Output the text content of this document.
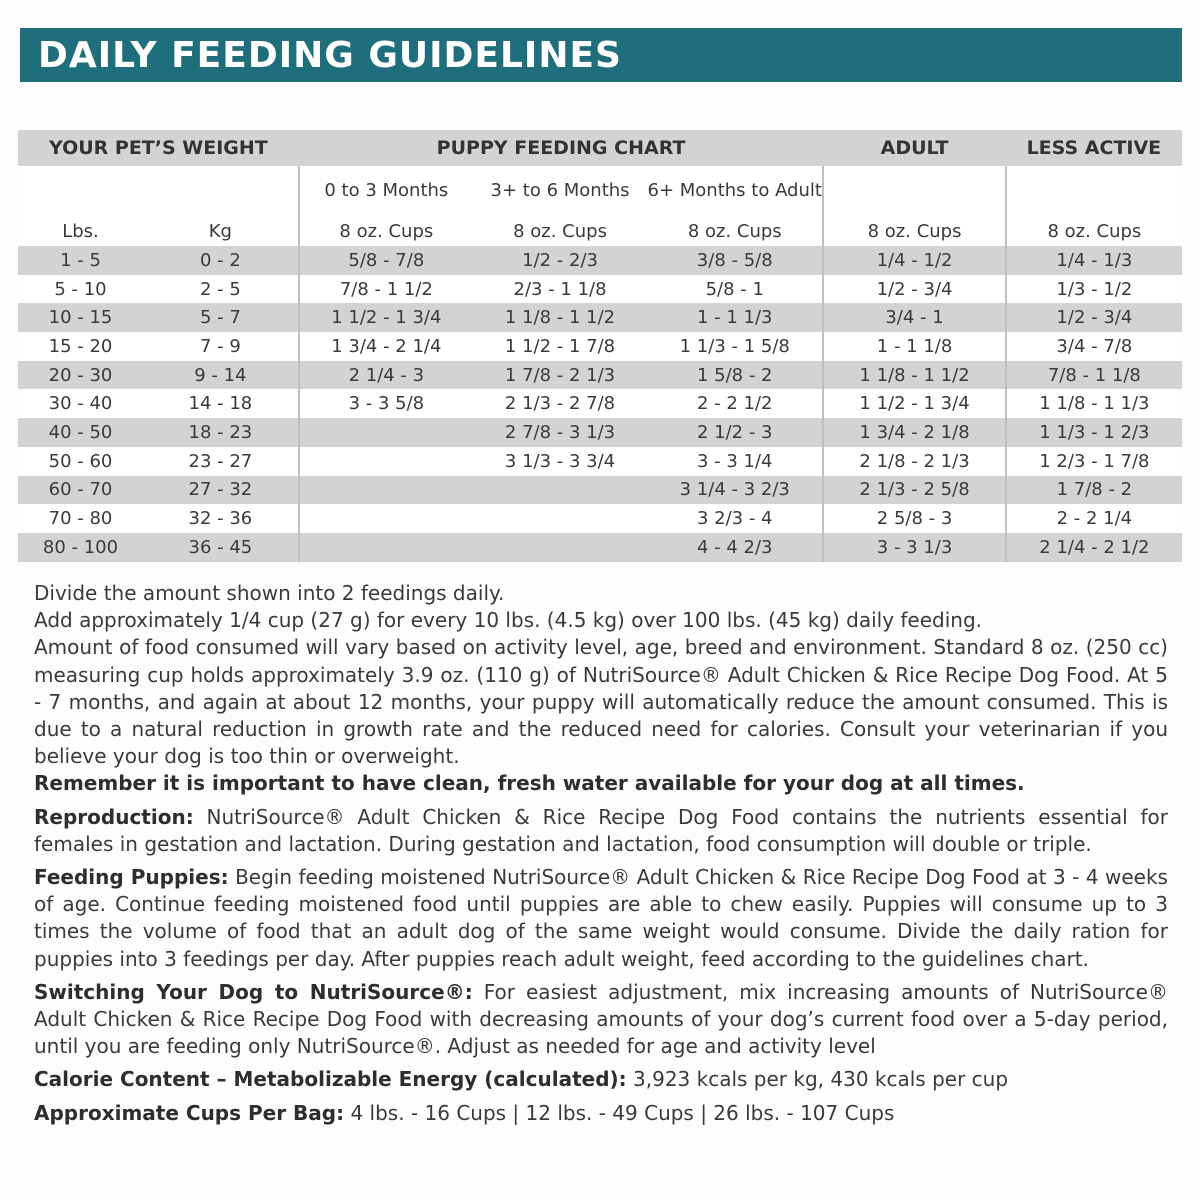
DAILY FEEDING GUIDELINES
YOUR PET’S WEIGHT		PUPPY FEEDING CHART			ADULT	LESS ACTIVE
		0 to 3 Months	3+ to 6 Months	6+ Months to Adult		
Lbs.	Kg	8 oz. Cups	8 oz. Cups	8 oz. Cups	8 oz. Cups	8 oz. Cups
1 - 5	0 - 2	5/8 - 7/8	1/2 - 2/3	3/8 - 5/8	1/4 - 1/2	1/4 - 1/3
5 - 10	2 - 5	7/8 - 1 1/2	2/3 - 1 1/8	5/8 - 1	1/2 - 3/4	1/3 - 1/2
10 - 15	5 - 7	1 1/2 - 1 3/4	1 1/8 - 1 1/2	1 - 1 1/3	3/4 - 1	1/2 - 3/4
15 - 20	7 - 9	1 3/4 - 2 1/4	1 1/2 - 1 7/8	1 1/3 - 1 5/8	1 - 1 1/8	3/4 - 7/8
20 - 30	9 - 14	2 1/4 - 3	1 7/8 - 2 1/3	1 5/8 - 2	1 1/8 - 1 1/2	7/8 - 1 1/8
30 - 40	14 - 18	3 - 3 5/8	2 1/3 - 2 7/8	2 - 2 1/2	1 1/2 - 1 3/4	1 1/8 - 1 1/3
40 - 50	18 - 23		2 7/8 - 3 1/3	2 1/2 - 3	1 3/4 - 2 1/8	1 1/3 - 1 2/3
50 - 60	23 - 27		3 1/3 - 3 3/4	3 - 3 1/4	2 1/8 - 2 1/3	1 2/3 - 1 7/8
60 - 70	27 - 32			3 1/4 - 3 2/3	2 1/3 - 2 5/8	1 7/8 - 2
70 - 80	32 - 36			3 2/3 - 4	2 5/8 - 3	2 - 2 1/4
80 - 100	36 - 45			4 - 4 2/3	3 - 3 1/3	2 1/4 - 2 1/2

Divide the amount shown into 2 feedings daily.

Add approximately 1/4 cup (27 g) for every 10 lbs. (4.5 kg) over 100 lbs. (45 kg) daily feeding.

Amount of food consumed will vary based on activity level, age, breed and environment. Standard 8 oz. (250 cc) measuring cup holds approximately 3.9 oz. (110 g) of NutriSource® Adult Chicken & Rice Recipe Dog Food. At 5 - 7 months, and again at about 12 months, your puppy will automatically reduce the amount consumed. This is due to a natural reduction in growth rate and the reduced need for calories. Consult your veterinarian if you believe your dog is too thin or overweight.

Remember it is important to have clean, fresh water available for your dog at all times.

Reproduction: NutriSource® Adult Chicken & Rice Recipe Dog Food contains the nutrients essential for females in gestation and lactation. During gestation and lactation, food consumption will double or triple.

Feeding Puppies: Begin feeding moistened NutriSource® Adult Chicken & Rice Recipe Dog Food at 3 - 4 weeks of age. Continue feeding moistened food until puppies are able to chew easily. Puppies will consume up to 3 times the volume of food that an adult dog of the same weight would consume. Divide the daily ration for puppies into 3 feedings per day. After puppies reach adult weight, feed according to the guidelines chart.

Switching Your Dog to NutriSource®: For easiest adjustment, mix increasing amounts of NutriSource® Adult Chicken & Rice Recipe Dog Food with decreasing amounts of your dog’s current food over a 5-day period, until you are feeding only NutriSource®. Adjust as needed for age and activity level

Calorie Content – Metabolizable Energy (calculated): 3,923 kcals per kg, 430 kcals per cup

Approximate Cups Per Bag: 4 lbs. - 16 Cups | 12 lbs. - 49 Cups | 26 lbs. - 107 Cups
